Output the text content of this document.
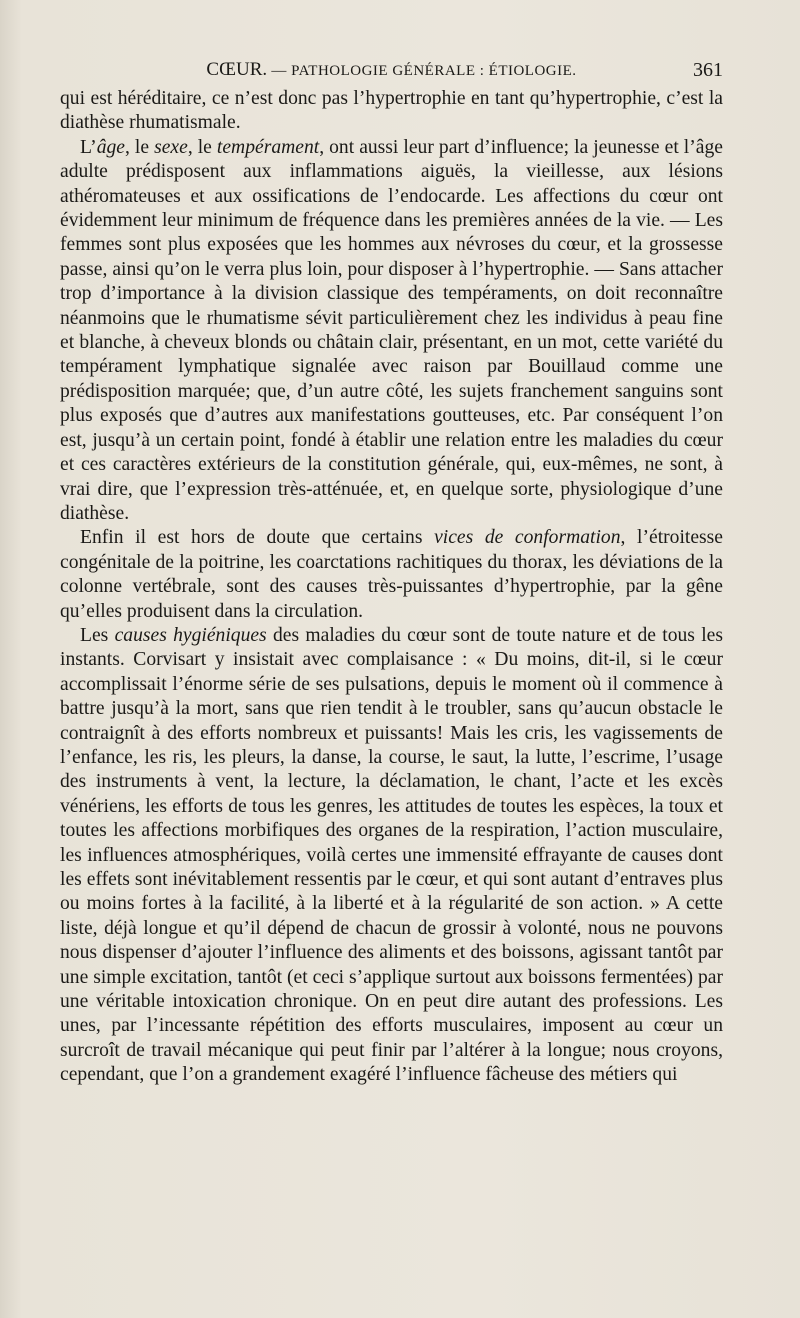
CŒUR. — PATHOLOGIE GÉNÉRALE : ÉTIOLOGIE.	361

qui est héréditaire, ce n’est donc pas l’hypertrophie en tant qu’hypertrophie, c’est la diathèse rhumatismale.

L’âge, le sexe, le tempérament, ont aussi leur part d’influence; la jeunesse et l’âge adulte prédisposent aux inflammations aiguës, la vieillesse, aux lésions athéromateuses et aux ossifications de l’endocarde. Les affections du cœur ont évidemment leur minimum de fréquence dans les premières années de la vie. — Les femmes sont plus exposées que les hommes aux névroses du cœur, et la grossesse passe, ainsi qu’on le verra plus loin, pour disposer à l’hypertrophie. — Sans attacher trop d’importance à la division classique des tempéraments, on doit reconnaître néanmoins que le rhumatisme sévit particulièrement chez les individus à peau fine et blanche, à cheveux blonds ou châtain clair, présentant, en un mot, cette variété du tempérament lymphatique signalée avec raison par Bouillaud comme une prédisposition marquée; que, d’un autre côté, les sujets franchement sanguins sont plus exposés que d’autres aux manifestations goutteuses, etc. Par conséquent l’on est, jusqu’à un certain point, fondé à établir une relation entre les maladies du cœur et ces caractères extérieurs de la constitution générale, qui, eux-mêmes, ne sont, à vrai dire, que l’expression très-atténuée, et, en quelque sorte, physiologique d’une diathèse.

Enfin il est hors de doute que certains vices de conformation, l’étroitesse congénitale de la poitrine, les coarctations rachitiques du thorax, les déviations de la colonne vertébrale, sont des causes très-puissantes d’hypertrophie, par la gêne qu’elles produisent dans la circulation.

Les causes hygiéniques des maladies du cœur sont de toute nature et de tous les instants. Corvisart y insistait avec complaisance : « Du moins, dit-il, si le cœur accomplissait l’énorme série de ses pulsations, depuis le moment où il commence à battre jusqu’à la mort, sans que rien tendit à le troubler, sans qu’aucun obstacle le contraignît à des efforts nombreux et puissants! Mais les cris, les vagissements de l’enfance, les ris, les pleurs, la danse, la course, le saut, la lutte, l’escrime, l’usage des instruments à vent, la lecture, la déclamation, le chant, l’acte et les excès vénériens, les efforts de tous les genres, les attitudes de toutes les espèces, la toux et toutes les affections morbifiques des organes de la respiration, l’action musculaire, les influences atmosphériques, voilà certes une immensité effrayante de causes dont les effets sont inévitablement ressentis par le cœur, et qui sont autant d’entraves plus ou moins fortes à la facilité, à la liberté et à la régularité de son action. » A cette liste, déjà longue et qu’il dépend de chacun de grossir à volonté, nous ne pouvons nous dispenser d’ajouter l’influence des aliments et des boissons, agissant tantôt par une simple excitation, tantôt (et ceci s’applique surtout aux boissons fermentées) par une véritable intoxication chronique. On en peut dire autant des professions. Les unes, par l’incessante répétition des efforts musculaires, imposent au cœur un surcroît de travail mécanique qui peut finir par l’altérer à la longue; nous croyons, cependant, que l’on a grandement exagéré l’influence fâcheuse des métiers qui
